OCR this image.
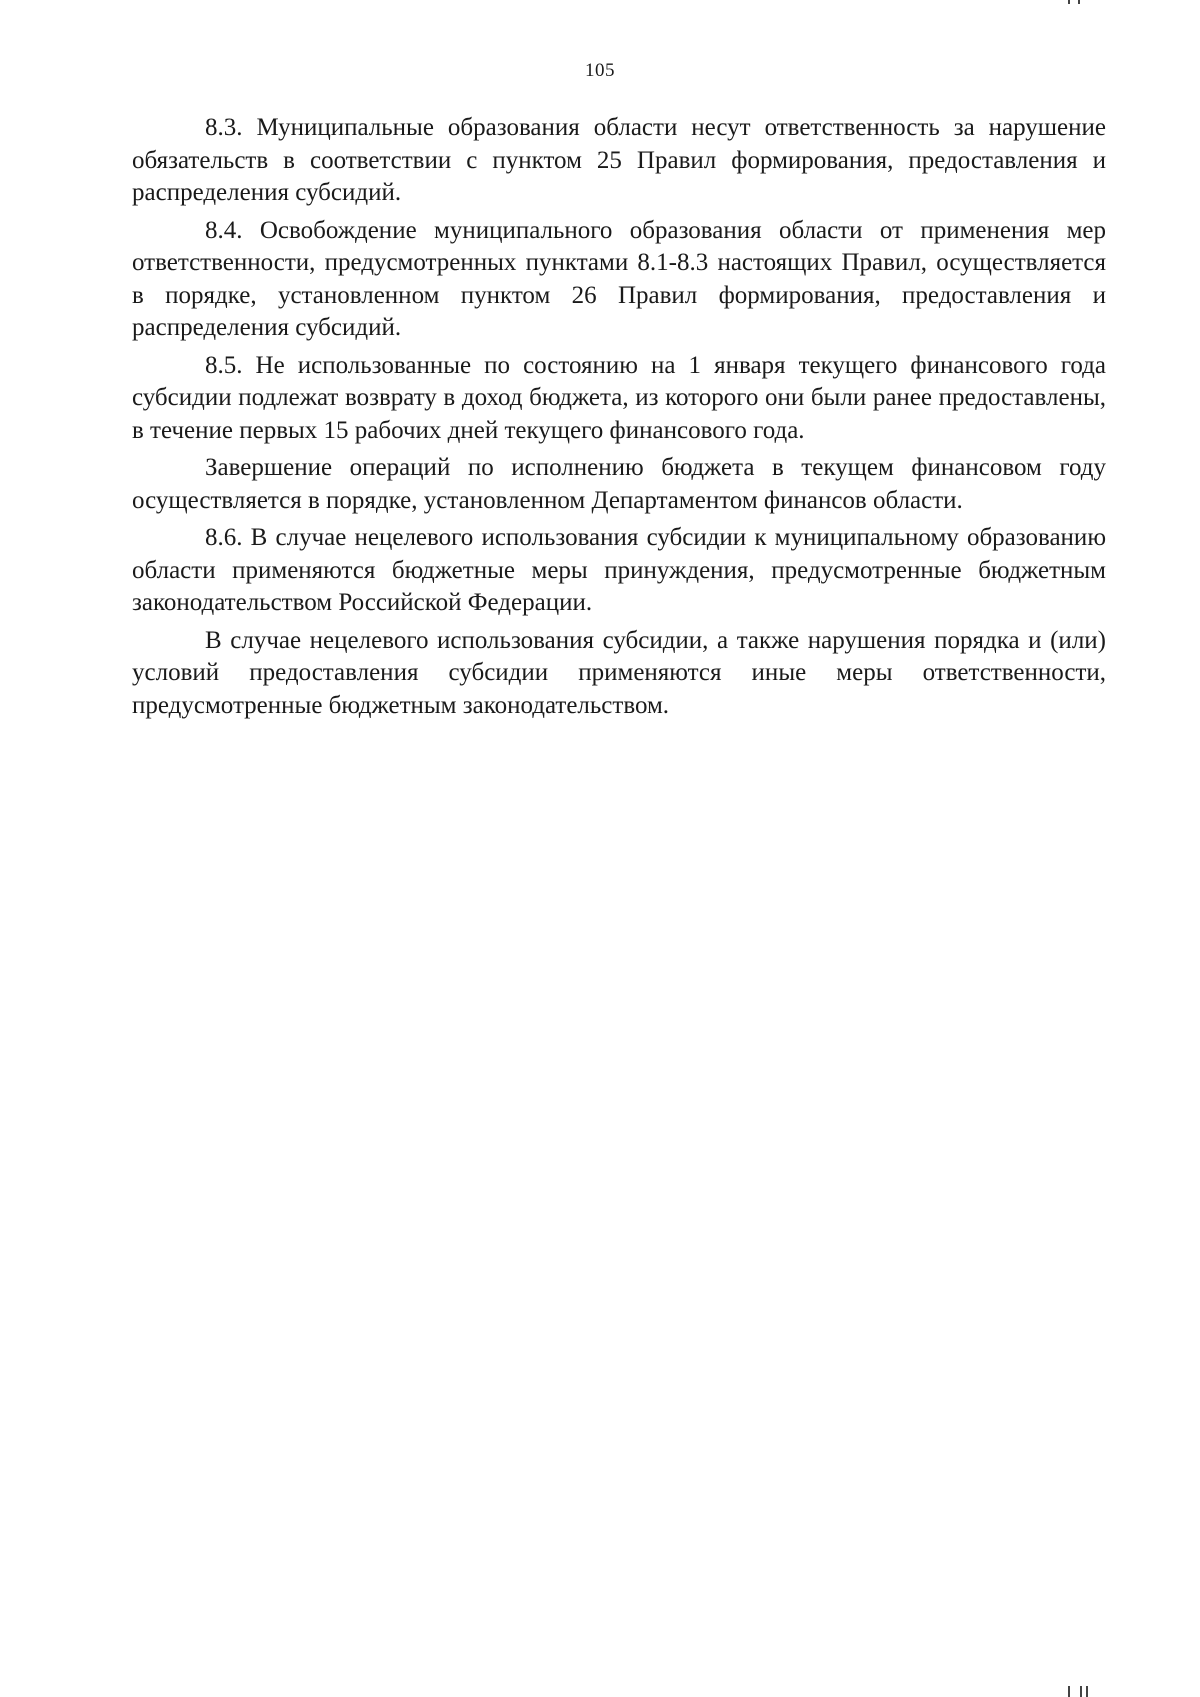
105

8.3. Муниципальные образования области несут ответственность за нарушение обязательств в соответствии с пунктом 25 Правил формирования, предоставления и распределения субсидий.

8.4. Освобождение муниципального образования области от применения мер ответственности, предусмотренных пунктами 8.1-8.3 настоящих Правил, осуществляется в порядке, установленном пунктом 26 Правил формирования, предоставления и распределения субсидий.

8.5. Не использованные по состоянию на 1 января текущего финансового года субсидии подлежат возврату в доход бюджета, из которого они были ранее предоставлены, в течение первых 15 рабочих дней текущего финансового года.

Завершение операций по исполнению бюджета в текущем финансовом году осуществляется в порядке, установленном Департаментом финансов области.

8.6. В случае нецелевого использования субсидии к муниципальному образованию области применяются бюджетные меры принуждения, предусмотренные бюджетным законодательством Российской Федерации.

В случае нецелевого использования субсидии, а также нарушения порядка и (или) условий предоставления субсидии применяются иные меры ответственности, предусмотренные бюджетным законодательством.
